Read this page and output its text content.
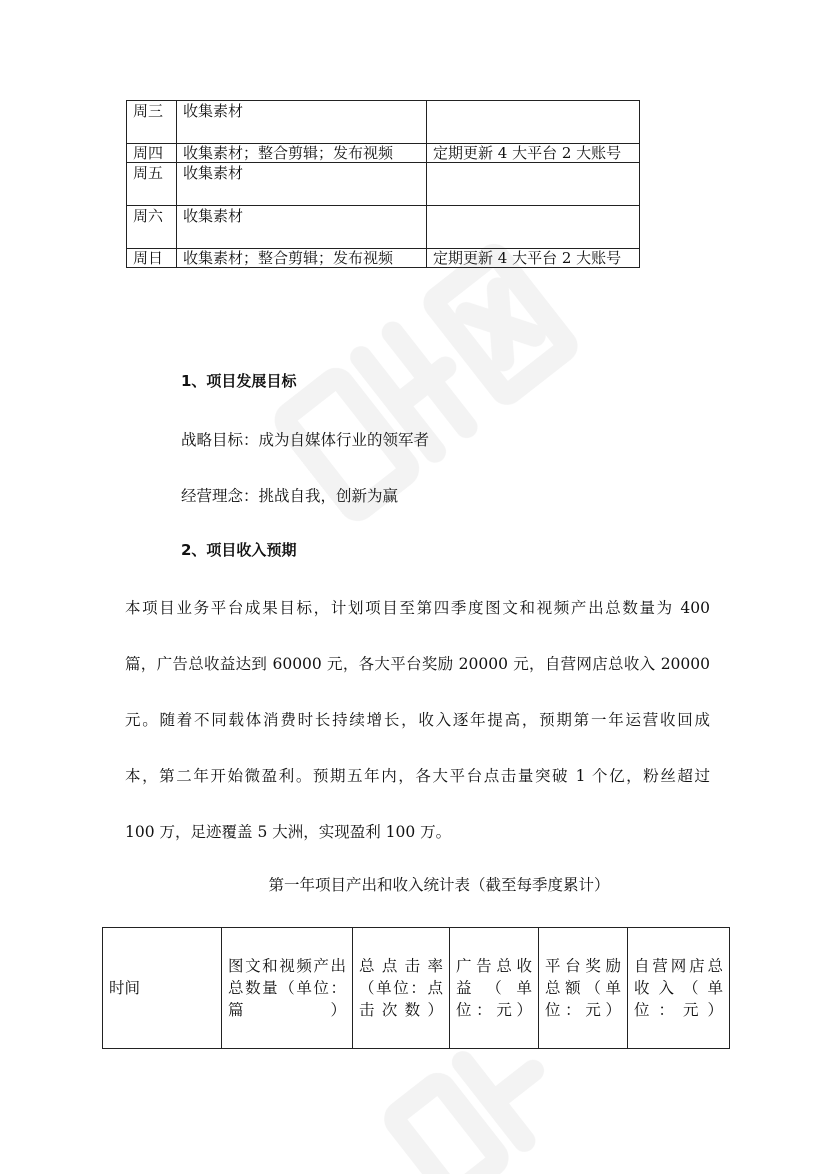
周三	收集素材	
周四	收集素材；整合剪辑；发布视频	定期更新 4 大平台 2 大账号
周五	收集素材	
周六	收集素材	
周日	收集素材；整合剪辑；发布视频	定期更新 4 大平台 2 大账号
1、项目发展目标
战略目标：成为自媒体行业的领军者
经营理念：挑战自我，创新为赢
2、项目收入预期
本项目业务平台成果目标，计划项目至第四季度图文和视频产出总数量为 400
篇，广告总收益达到 60000 元，各大平台奖励 20000 元，自营网店总收入 20000
元。随着不同载体消费时长持续增长，收入逐年提高，预期第一年运营收回成
本，第二年开始微盈利。预期五年内，各大平台点击量突破 1 个亿，粉丝超过
100 万，足迹覆盖 5 大洲，实现盈利 100 万。
第一年项目产出和收入统计表（截至每季度累计）
时间	图文和视频产出总数量（单位：篇）	总点击率（单位：点击次数）	广告总收益（单位：元）	平台奖励总额（单位：元）	自营网店总收入（单位：元）
